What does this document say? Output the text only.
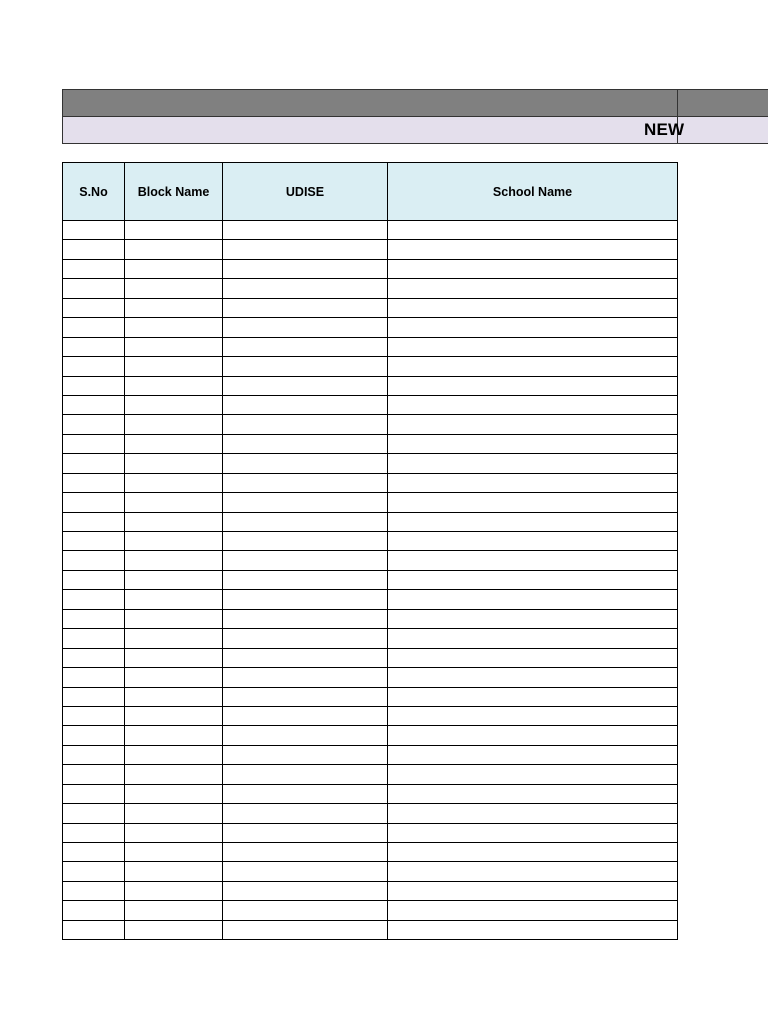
NEW
S.No	Block Name	UDISE	School Name
